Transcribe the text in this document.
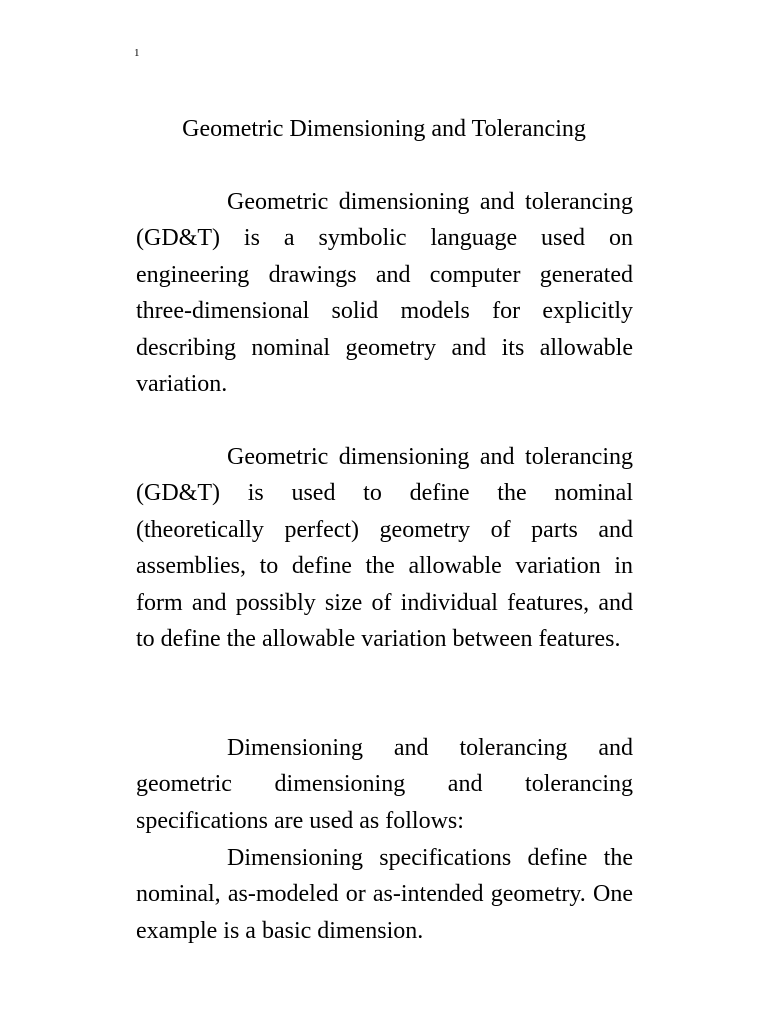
1
Geometric Dimensioning and Tolerancing

Geometric dimensioning and tolerancing (GD&T) is a symbolic language used on engineering drawings and computer generated three-dimensional solid models for explicitly describing nominal geometry and its allowable variation.

Geometric dimensioning and tolerancing (GD&T) is used to define the nominal (theoretically perfect) geometry of parts and assemblies, to define the allowable variation in form and possibly size of individual features, and to define the allowable variation between features.

Dimensioning and tolerancing and geometric dimensioning and tolerancing specifications are used as follows:

Dimensioning specifications define the nominal, as-modeled or as-intended geometry. One example is a basic dimension.
